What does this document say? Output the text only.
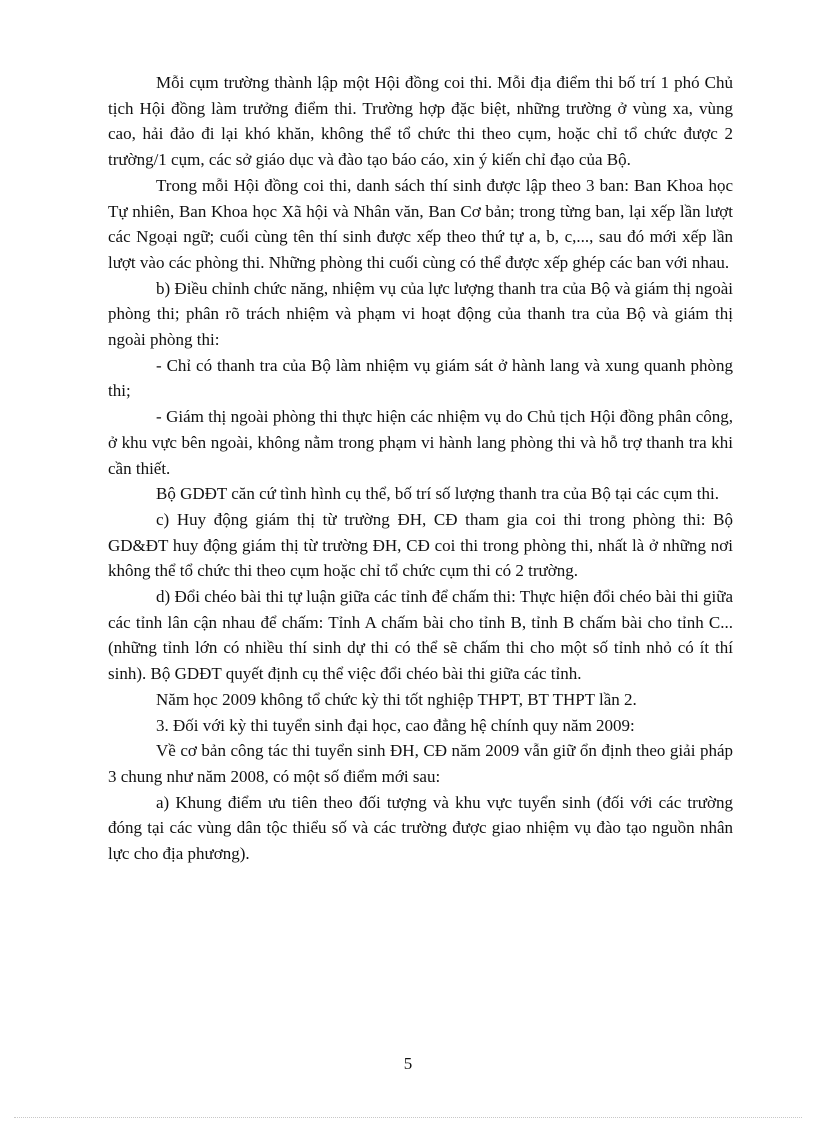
Mỗi cụm trường thành lập một Hội đồng coi thi. Mỗi địa điểm thi bố trí 1 phó Chủ tịch Hội đồng làm trưởng điểm thi. Trường hợp đặc biệt, những trường ở vùng xa, vùng cao, hải đảo đi lại khó khăn, không thể tổ chức thi theo cụm, hoặc chỉ tổ chức được 2 trường/1 cụm, các sở giáo dục và đào tạo báo cáo, xin ý kiến chỉ đạo của Bộ.

Trong mỗi Hội đồng coi thi, danh sách thí sinh được lập theo 3 ban: Ban Khoa học Tự nhiên, Ban Khoa học Xã hội và Nhân văn, Ban Cơ bản; trong từng ban, lại xếp lần lượt các Ngoại ngữ; cuối cùng tên thí sinh được xếp theo thứ tự a, b, c,..., sau đó mới xếp lần lượt vào các phòng thi. Những phòng thi cuối cùng có thể được xếp ghép các ban với nhau.

b) Điều chỉnh chức năng, nhiệm vụ của lực lượng thanh tra của Bộ và giám thị ngoài phòng thi; phân rõ trách nhiệm và phạm vi hoạt động của thanh tra của Bộ và giám thị ngoài phòng thi:

- Chỉ có thanh tra của Bộ làm nhiệm vụ giám sát ở hành lang và xung quanh phòng thi;

- Giám thị ngoài phòng thi thực hiện các nhiệm vụ do Chủ tịch Hội đồng phân công, ở khu vực bên ngoài, không nằm trong phạm vi hành lang phòng thi và hỗ trợ thanh tra khi cần thiết.

Bộ GDĐT căn cứ tình hình cụ thể, bố trí số lượng thanh tra của Bộ tại các cụm thi.

c) Huy động giám thị từ trường ĐH, CĐ tham gia coi thi trong phòng thi: Bộ GD&ĐT huy động giám thị từ trường ĐH, CĐ coi thi trong phòng thi, nhất là ở những nơi không thể tổ chức thi theo cụm hoặc chỉ tổ chức cụm thi có 2 trường.

d) Đổi chéo bài thi tự luận giữa các tỉnh để chấm thi: Thực hiện đổi chéo bài thi giữa các tỉnh lân cận nhau để chấm: Tỉnh A chấm bài cho tỉnh B, tỉnh B chấm bài cho tỉnh C... (những tỉnh lớn có nhiều thí sinh dự thi có thể sẽ chấm thi cho một số tỉnh nhỏ có ít thí sinh). Bộ GDĐT quyết định cụ thể việc đổi chéo bài thi giữa các tỉnh.

Năm học 2009 không tổ chức kỳ thi tốt nghiệp THPT, BT THPT lần 2.

3. Đối với kỳ thi tuyển sinh đại học, cao đẳng hệ chính quy năm 2009:

Về cơ bản công tác thi tuyển sinh ĐH, CĐ năm 2009 vẫn giữ ổn định theo giải pháp 3 chung như năm 2008, có một số điểm mới sau:

a) Khung điểm ưu tiên theo đối tượng và khu vực tuyển sinh (đối với các trường đóng tại các vùng dân tộc thiểu số và các trường được giao nhiệm vụ đào tạo nguồn nhân lực cho địa phương).

5
